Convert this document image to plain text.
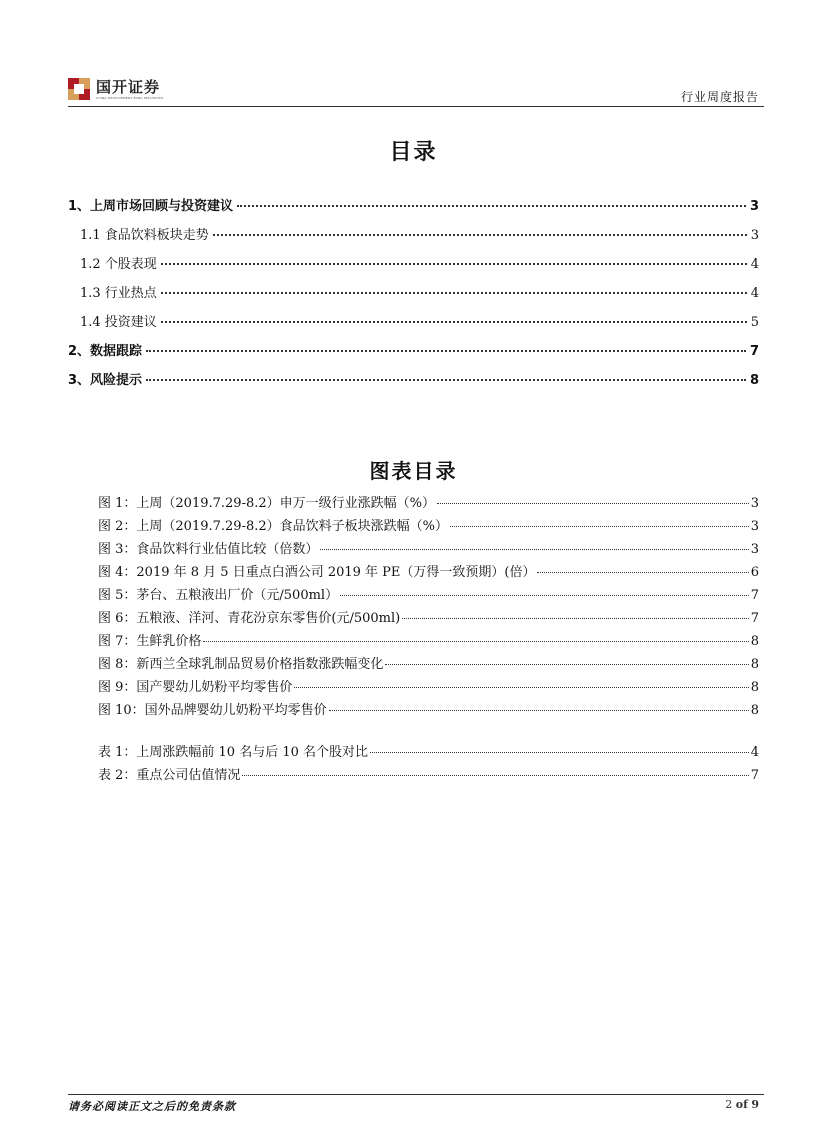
国开证券
CHINA DEVELOPMENT BANK SECURITIES	行业周度报告
目录
1、上周市场回顾与投资建议	3
1.1 食品饮料板块走势	3
1.2 个股表现	4
1.3 行业热点	4
1.4 投资建议	5
2、数据跟踪	7
3、风险提示	8
图表目录
图 1：上周（2019.7.29-8.2）申万一级行业涨跌幅（%）	3
图 2：上周（2019.7.29-8.2）食品饮料子板块涨跌幅（%）	3
图 3：食品饮料行业估值比较（倍数）	3
图 4：2019 年 8 月 5 日重点白酒公司 2019 年 PE（万得一致预期）(倍）	6
图 5：茅台、五粮液出厂价（元/500ml）	7
图 6：五粮液、洋河、青花汾京东零售价(元/500ml)	7
图 7：生鲜乳价格	8
图 8：新西兰全球乳制品贸易价格指数涨跌幅变化	8
图 9：国产婴幼儿奶粉平均零售价	8
图 10：国外品牌婴幼儿奶粉平均零售价	8
表 1：上周涨跌幅前 10 名与后 10 名个股对比	4
表 2：重点公司估值情况	7
请务必阅读正文之后的免责条款	2 of 9
